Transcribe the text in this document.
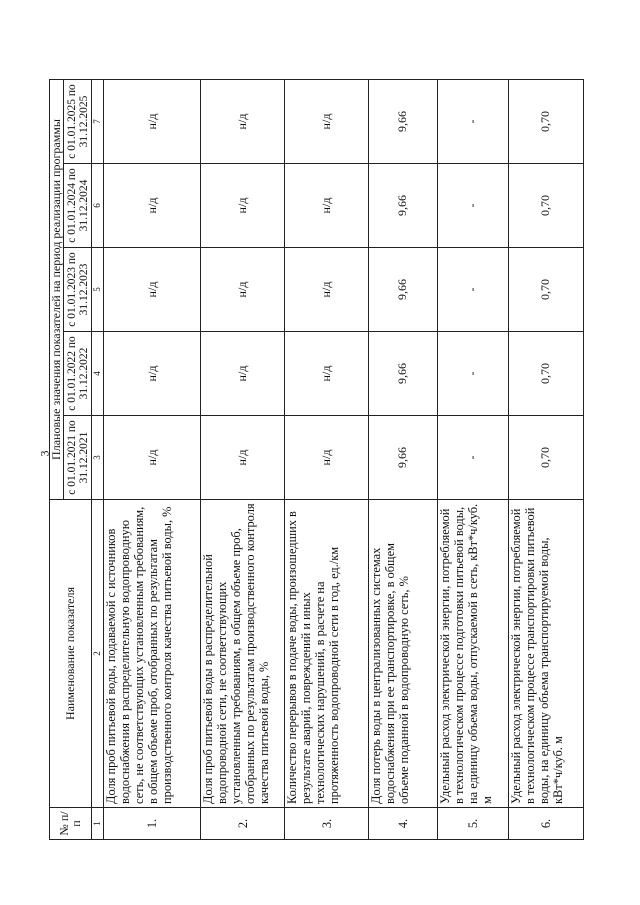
3
№ п/п	Наименование показателя	Плановые значения показателей на период реализации программы				
		с 01.01.2021 по 31.12.2021	с 01.01.2022 по 31.12.2022	с 01.01.2023 по 31.12.2023	с 01.01.2024 по 31.12.2024	с 01.01.2025 по 31.12.2025
1	2	3	4	5	6	7
1.	Доля проб питьевой воды, подаваемой с источников водоснабжения в распределительную водопроводную сеть, не соответствующих установленным требованиям, в общем объеме проб, отобранных по результатам производственного контроля качества питьевой воды, %	н/д	н/д	н/д	н/д	н/д
2.	Доля проб питьевой воды в распределительной водопроводной сети, не соответствующих установленным требованиям, в общем объеме проб, отобранных по результатам производственного контроля качества питьевой воды, %	н/д	н/д	н/д	н/д	н/д
3.	Количество перерывов в подаче воды, произошедших в результате аварий, повреждений и иных технологических нарушений, в расчете на протяженность водопроводной сети в год, ед./км	н/д	н/д	н/д	н/д	н/д
4.	Доля потерь воды в централизованных системах водоснабжения при ее транспортировке, в общем объеме поданной в водопроводную сеть, %	9,66	9,66	9,66	9,66	9,66
5.	Удельный расход электрической энергии, потребляемой в технологическом процессе подготовки питьевой воды, на единицу объема воды, отпускаемой в сеть, кВт*ч/куб. м	-	-	-	-	-
6.	Удельный расход электрической энергии, потребляемой в технологическом процессе транспортировки питьевой воды, на единицу объема транспортируемой воды, кВт*ч/куб. м	0,70	0,70	0,70	0,70	0,70
